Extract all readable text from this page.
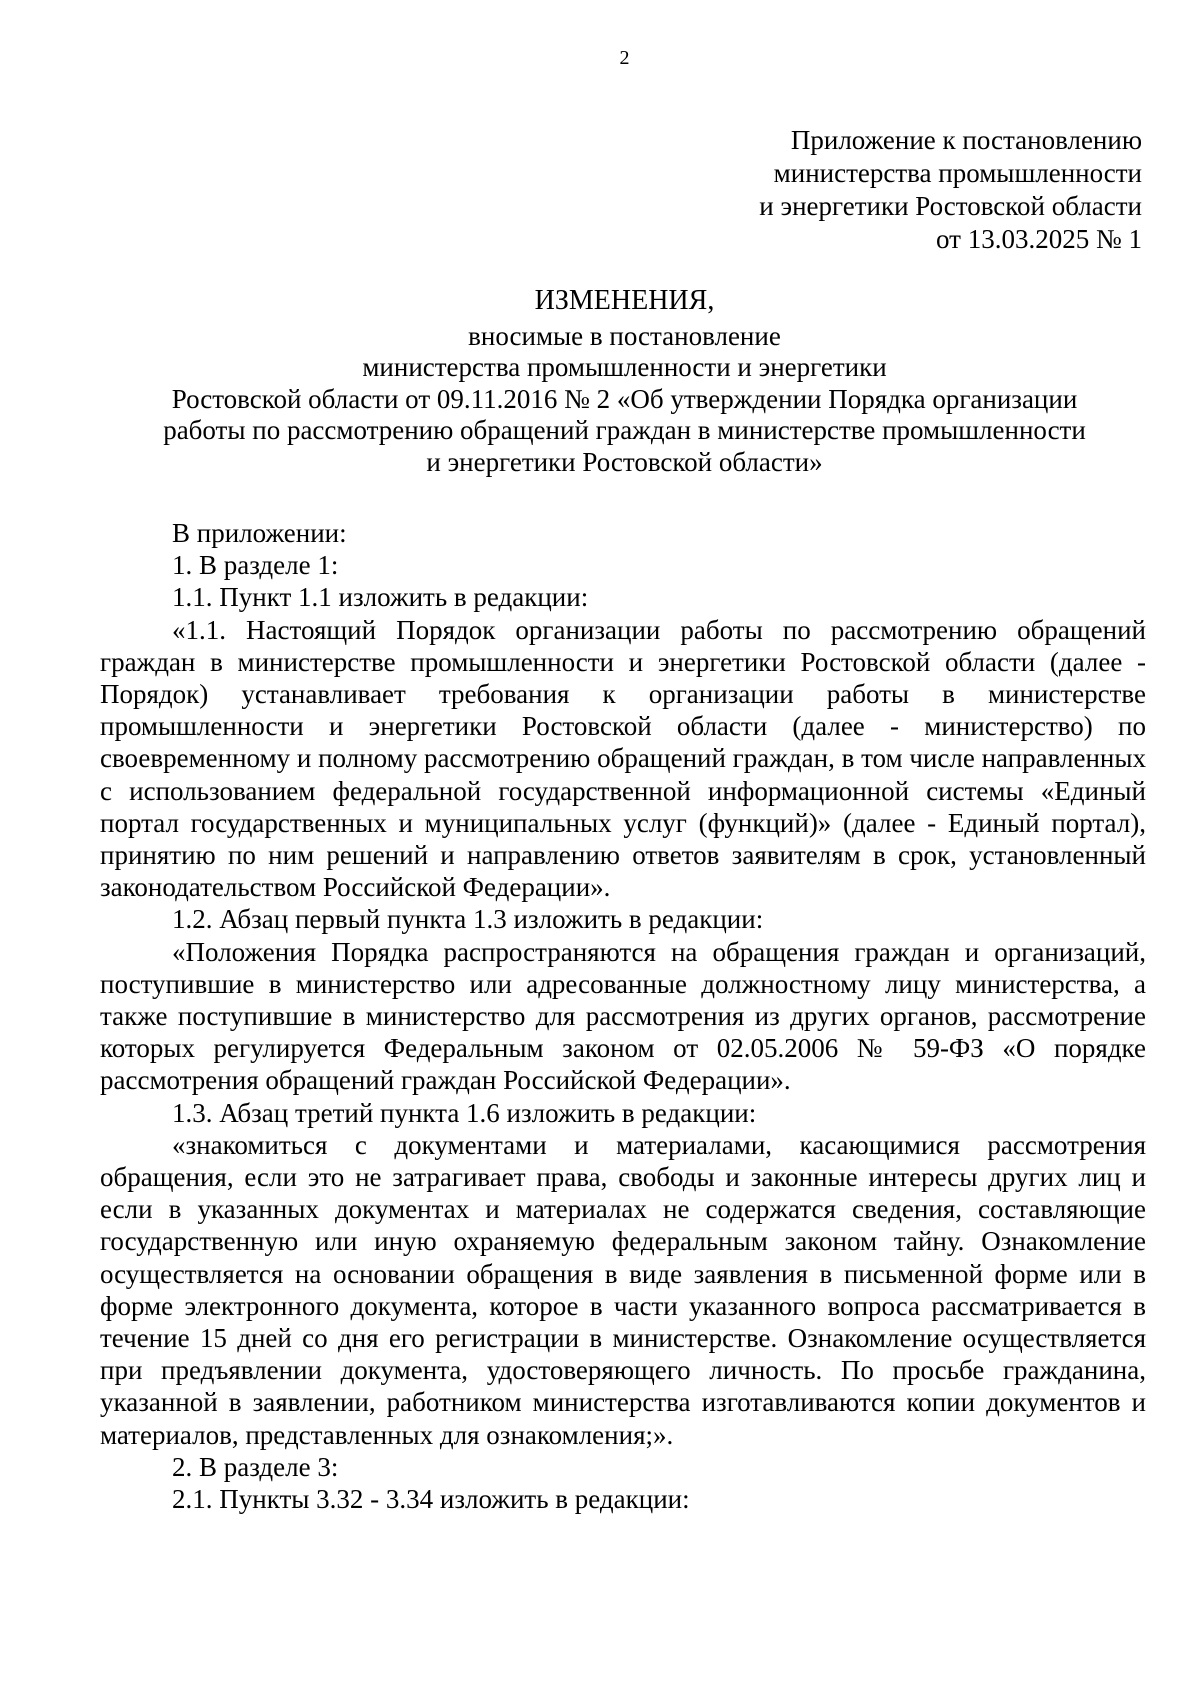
2
Приложение к постановлению
министерства промышленности
и энергетики Ростовской области
от 13.03.2025 № 1
ИЗМЕНЕНИЯ,
вносимые в постановление
министерства промышленности и энергетики
Ростовской области от 09.11.2016 № 2 «Об утверждении Порядка организации
работы по рассмотрению обращений граждан в министерстве промышленности
и энергетики Ростовской области»

В приложении:

1. В разделе 1:

1.1. Пункт 1.1 изложить в редакции:

«1.1. Настоящий Порядок организации работы по рассмотрению обращений граждан в министерстве промышленности и энергетики Ростовской области (далее - Порядок) устанавливает требования к организации работы в министерстве промышленности и энергетики Ростовской области (далее - министерство) по своевременному и полному рассмотрению обращений граждан, в том числе направленных с использованием федеральной государственной информационной системы «Единый портал государственных и муниципальных услуг (функций)» (далее - Единый портал), принятию по ним решений и направлению ответов заявителям в срок, установленный законодательством Российской Федерации».

1.2. Абзац первый пункта 1.3 изложить в редакции:

«Положения Порядка распространяются на обращения граждан и организаций, поступившие в министерство или адресованные должностному лицу министерства, а также поступившие в министерство для рассмотрения из других органов, рассмотрение которых регулируется Федеральным законом от 02.05.2006 № 59-ФЗ «О порядке рассмотрения обращений граждан Российской Федерации».

1.3. Абзац третий пункта 1.6 изложить в редакции:

«знакомиться с документами и материалами, касающимися рассмотрения обращения, если это не затрагивает права, свободы и законные интересы других лиц и если в указанных документах и материалах не содержатся сведения, составляющие государственную или иную охраняемую федеральным законом тайну. Ознакомление осуществляется на основании обращения в виде заявления в письменной форме или в форме электронного документа, которое в части указанного вопроса рассматривается в течение 15 дней со дня его регистрации в министерстве. Ознакомление осуществляется при предъявлении документа, удостоверяющего личность. По просьбе гражданина, указанной в заявлении, работником министерства изготавливаются копии документов и материалов, представленных для ознакомления;».

2. В разделе 3:

2.1. Пункты 3.32 - 3.34 изложить в редакции:
